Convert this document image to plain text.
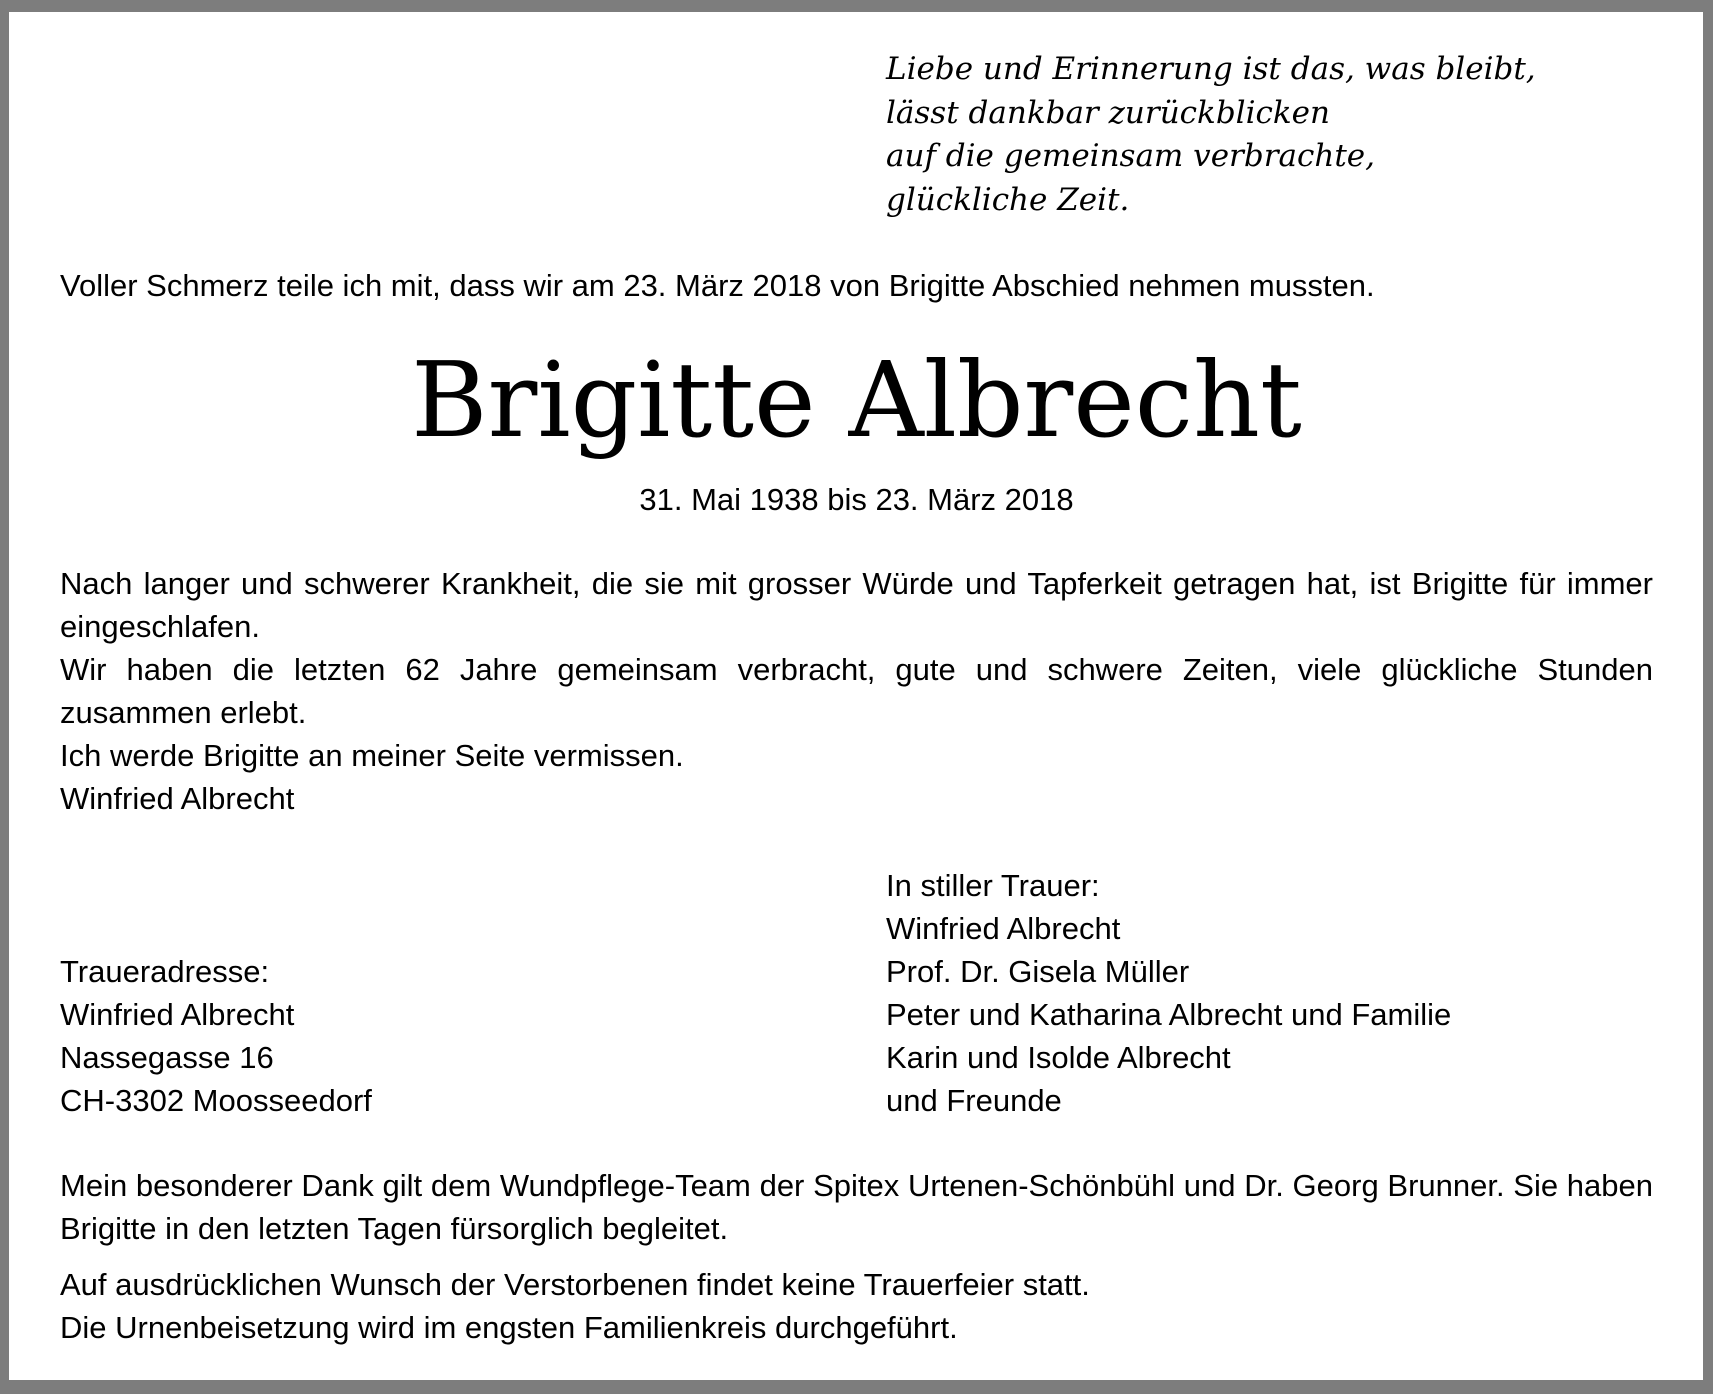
Liebe und Erinnerung ist das, was bleibt,
lässt dankbar zurückblicken
auf die gemeinsam verbrachte,
glückliche Zeit.
Voller Schmerz teile ich mit, dass wir am 23. März 2018 von Brigitte Abschied nehmen mussten.
Brigitte Albrecht
31. Mai 1938 bis 23. März 2018
Nach langer und schwerer Krankheit, die sie mit grosser Würde und Tapferkeit getragen hat, ist Brigitte für immer eingeschlafen.
Wir haben die letzten 62 Jahre gemeinsam verbracht, gute und schwere Zeiten, viele glückliche Stunden zusammen erlebt.
Ich werde Brigitte an meiner Seite vermissen.
Winfried Albrecht
In stiller Trauer:
Winfried Albrecht
Prof. Dr. Gisela Müller
Peter und Katharina Albrecht und Familie
Karin und Isolde Albrecht
und Freunde
Traueradresse:
Winfried Albrecht
Nassegasse 16
CH-3302 Moosseedorf
Mein besonderer Dank gilt dem Wundpflege-Team der Spitex Urtenen-Schönbühl und Dr. Georg Brunner. Sie haben Brigitte in den letzten Tagen fürsorglich begleitet.
Auf ausdrücklichen Wunsch der Verstorbenen findet keine Trauerfeier statt.
Die Urnenbeisetzung wird im engsten Familienkreis durchgeführt.
